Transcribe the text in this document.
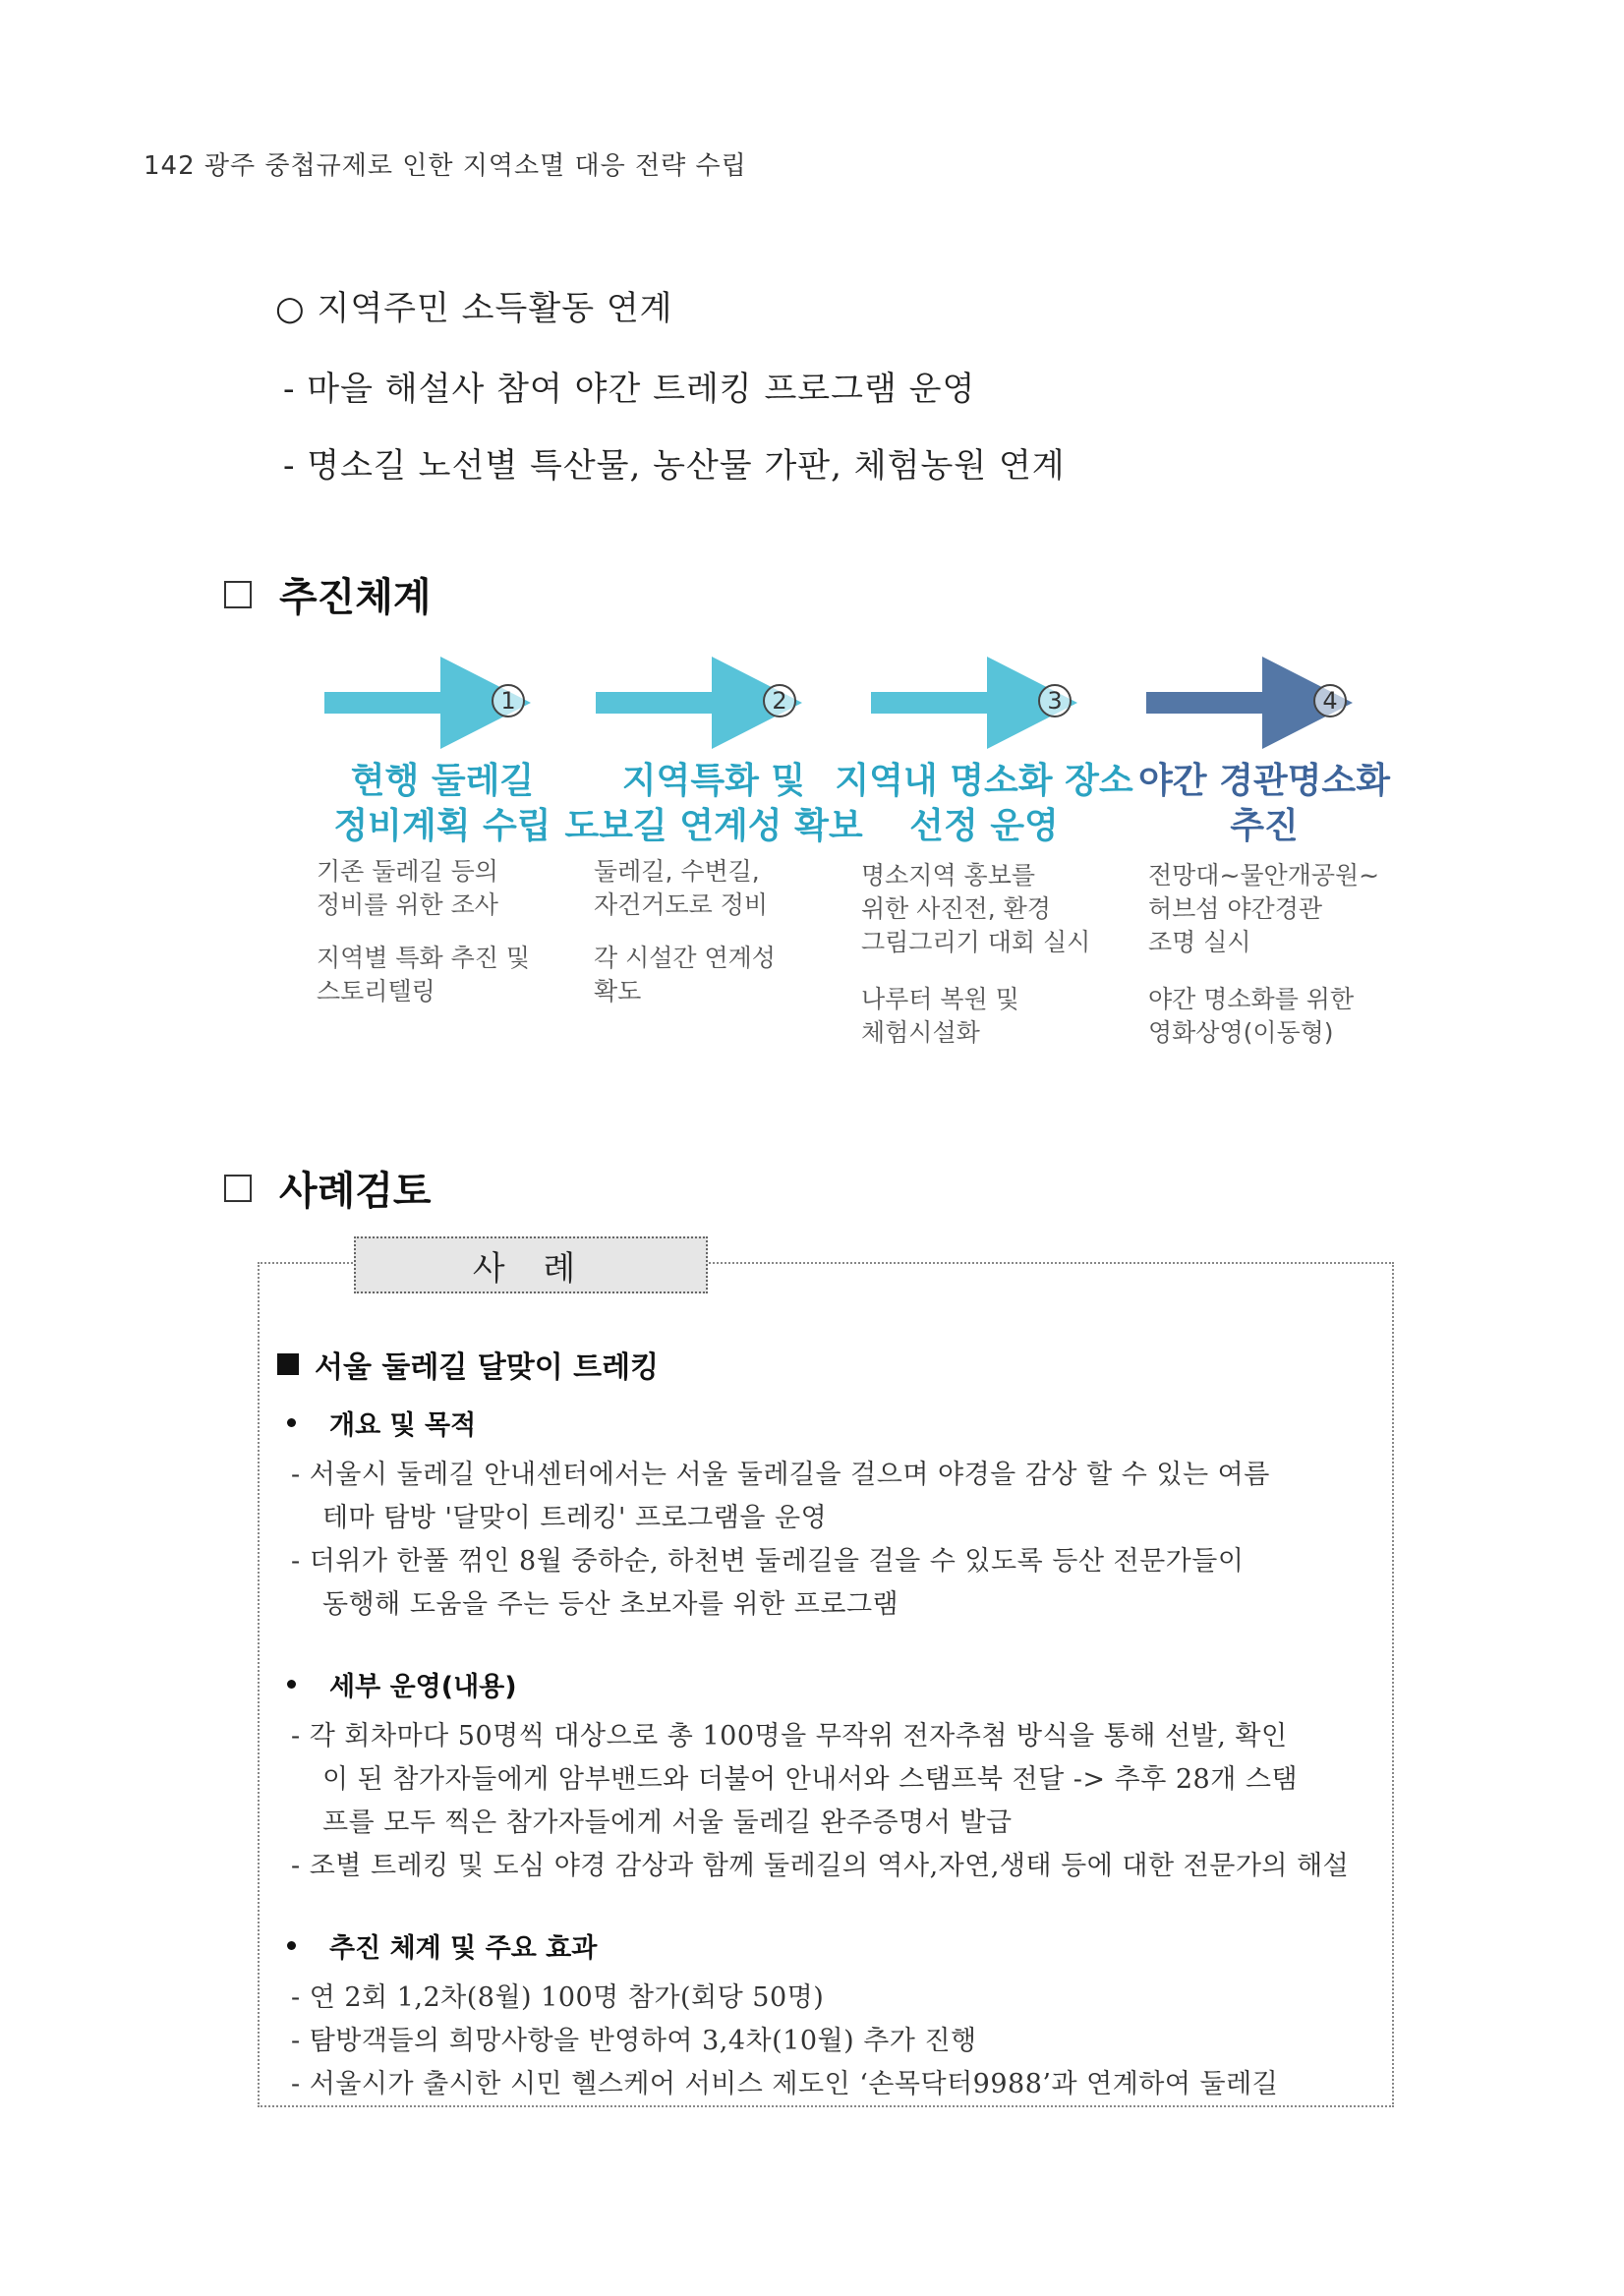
142 광주 중첩규제로 인한 지역소멸 대응 전략 수립
○ 지역주민 소득활동 연계
- 마을 해설사 참여 야간 트레킹 프로그램 운영
- 명소길 노선별 특산물, 농산물 가판, 체험농원 연계
추진체계
1
현행 둘레길
정비계획 수립
기존 둘레길 등의
정비를 위한 조사
지역별 특화 추진 및
스토리텔링
2
지역특화 및
도보길 연계성 확보
둘레길, 수변길,
자건거도로 정비
각 시설간 연계성
확도
3
지역내 명소화 장소
선정 운영
명소지역 홍보를
위한 사진전, 환경
그림그리기 대회 실시
나루터 복원 및
체험시설화
4
야간 경관명소화
추진
전망대~물안개공원~
허브섬 야간경관
조명 실시
야간 명소화를 위한
영화상영(이동형)
사례검토
사 례
서울 둘레길 달맞이 트레킹
개요 및 목적
- 서울시 둘레길 안내센터에서는 서울 둘레길을 걸으며 야경을 감상 할 수 있는 여름
테마 탐방 '달맞이 트레킹' 프로그램을 운영
- 더위가 한풀 꺾인 8월 중하순, 하천변 둘레길을 걸을 수 있도록 등산 전문가들이
동행해 도움을 주는 등산 초보자를 위한 프로그램
세부 운영(내용)
- 각 회차마다 50명씩 대상으로 총 100명을 무작위 전자추첨 방식을 통해 선발, 확인
이 된 참가자들에게 암부밴드와 더불어 안내서와 스탬프북 전달 -> 추후 28개 스탬
프를 모두 찍은 참가자들에게 서울 둘레길 완주증명서 발급
- 조별 트레킹 및 도심 야경 감상과 함께 둘레길의 역사,자연,생태 등에 대한 전문가의 해설
추진 체계 및 주요 효과
- 연 2회 1,2차(8월) 100명 참가(회당 50명)
- 탐방객들의 희망사항을 반영하여 3,4차(10월) 추가 진행
- 서울시가 출시한 시민 헬스케어 서비스 제도인 ‘손목닥터9988’과 연계하여 둘레길
